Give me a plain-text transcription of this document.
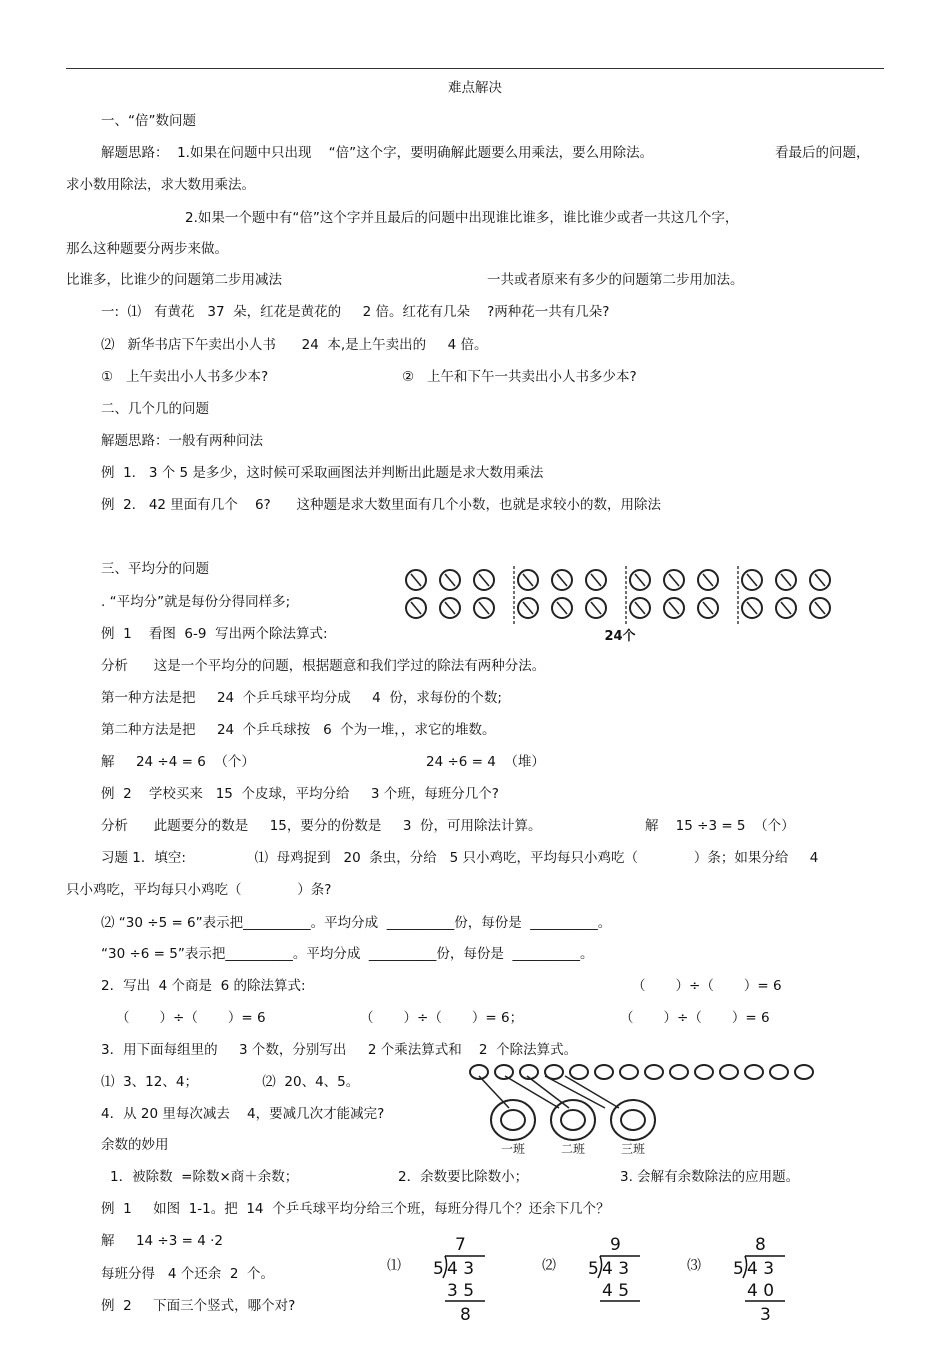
难点解决
一、“倍”数问题
解题思路：  1.如果在问题中只出现    “倍”这个字，要明确解此题要么用乘法，要么用除法。	看最后的问题，
求小数用除法，求大数用乘法。
2.如果一个题中有“倍”这个字并且最后的问题中出现谁比谁多，谁比谁少或者一共这几个字，
那么这种题要分两步来做。
比谁多，比谁少的问题第二步用减法	一共或者原来有多少的问题第二步用加法。
一:  ⑴   有黄花   37  朵，红花是黄花的     2 倍。红花有几朵    ?两种花一共有几朵?
⑵   新华书店下午卖出小人书      24  本,是上午卖出的     4 倍。
①   上午卖出小人书多少本?	②   上午和下午一共卖出小人书多少本?
二、几个几的问题
解题思路：一般有两种问法
例  1.   3 个 5 是多少，这时候可采取画图法并判断出此题是求大数用乘法
例  2.   42 里面有几个    6?      这种题是求大数里面有几个小数，也就是求较小的数，用除法
三、平均分的问题
. “平均分”就是每份分得同样多;
例  1    看图  6-9  写出两个除法算式:	24个
分析      这是一个平均分的问题，根据题意和我们学过的除法有两种分法。
第一种方法是把     24  个乒乓球平均分成     4  份，求每份的个数;
第二种方法是把     24  个乒乓球按   6  个为一堆，，求它的堆数。
解     24 ÷4 = 6  （个）	24 ÷6 = 4  （堆）
例  2    学校买来   15  个皮球，平均分给     3 个班，每班分几个?
分析      此题要分的数是     15，要分的份数是     3  份，可用除法计算。	解    15 ÷3 = 5  （个）
习题 1．填空:                ⑴  母鸡捉到   20  条虫，分给   5 只小鸡吃，平均每只小鸡吃（             ）条；如果分给     4
只小鸡吃，平均每只小鸡吃（             ）条?
⑵ “30 ÷5 = 6”表示把__________。平均分成  __________份，每份是  __________。
“30 ÷6 = 5”表示把__________。平均分成  __________份，每份是  __________。
2．写出  4 个商是  6 的除法算式:	（       ）÷（       ）= 6
（       ）÷（       ）= 6	（       ）÷（       ）= 6；	（       ）÷（       ）= 6
3．用下面每组里的     3 个数，分别写出     2 个乘法算式和    2  个除法算式。
⑴  3、12、4；               ⑵  20、4、5。
4．从 20 里每次减去    4，要减几次才能减完?
一班	二班	三班
余数的妙用
1．被除数  =除数×商＋余数；	2．余数要比除数小；	3. 会解有余数除法的应用题。
例  1     如图  1-1。把  14  个乒乓球平均分给三个班，每班分得几个？还余下几个？
解     14 ÷3 = 4 ·2
每班分得   4 个还余  2  个。
例  2     下面三个竖式，哪个对?
⑴
7
5 4 3
3 5
8
⑵
9
5 4 3
4 5
⑶
8
5 4 3
4 0
3
